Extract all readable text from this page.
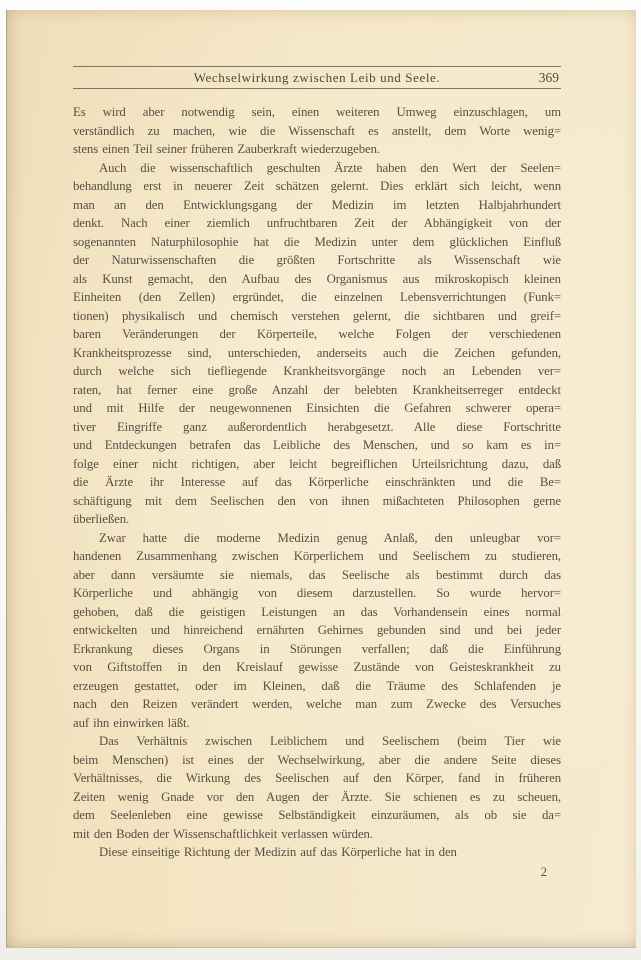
Wechselwirkung zwischen Leib und Seele.	369
Es wird aber notwendig sein, einen weiteren Umweg einzuschlagen, um
verständlich zu machen, wie die Wissenschaft es anstellt, dem Worte wenig=
stens einen Teil seiner früheren Zauberkraft wiederzugeben.
Auch die wissenschaftlich geschulten Ärzte haben den Wert der Seelen=
behandlung erst in neuerer Zeit schätzen gelernt. Dies erklärt sich leicht, wenn
man an den Entwicklungsgang der Medizin im letzten Halbjahrhundert
denkt. Nach einer ziemlich unfruchtbaren Zeit der Abhängigkeit von der
sogenannten Naturphilosophie hat die Medizin unter dem glücklichen Einfluß
der Naturwissenschaften die größten Fortschritte als Wissenschaft wie
als Kunst gemacht, den Aufbau des Organismus aus mikroskopisch kleinen
Einheiten (den Zellen) ergründet, die einzelnen Lebensverrichtungen (Funk=
tionen) physikalisch und chemisch verstehen gelernt, die sichtbaren und greif=
baren Veränderungen der Körperteile, welche Folgen der verschiedenen
Krankheitsprozesse sind, unterschieden, anderseits auch die Zeichen gefunden,
durch welche sich tiefliegende Krankheitsvorgänge noch an Lebenden ver=
raten, hat ferner eine große Anzahl der belebten Krankheitserreger entdeckt
und mit Hilfe der neugewonnenen Einsichten die Gefahren schwerer opera=
tiver Eingriffe ganz außerordentlich herabgesetzt. Alle diese Fortschritte
und Entdeckungen betrafen das Leibliche des Menschen, und so kam es in=
folge einer nicht richtigen, aber leicht begreiflichen Urteilsrichtung dazu, daß
die Ärzte ihr Interesse auf das Körperliche einschränkten und die Be=
schäftigung mit dem Seelischen den von ihnen mißachteten Philosophen gerne
überließen.
Zwar hatte die moderne Medizin genug Anlaß, den unleugbar vor=
handenen Zusammenhang zwischen Körperlichem und Seelischem zu studieren,
aber dann versäumte sie niemals, das Seelische als bestimmt durch das
Körperliche und abhängig von diesem darzustellen. So wurde hervor=
gehoben, daß die geistigen Leistungen an das Vorhandensein eines normal
entwickelten und hinreichend ernährten Gehirnes gebunden sind und bei jeder
Erkrankung dieses Organs in Störungen verfallen; daß die Einführung
von Giftstoffen in den Kreislauf gewisse Zustände von Geisteskrankheit zu
erzeugen gestattet, oder im Kleinen, daß die Träume des Schlafenden je
nach den Reizen verändert werden, welche man zum Zwecke des Versuches
auf ihn einwirken läßt.
Das Verhältnis zwischen Leiblichem und Seelischem (beim Tier wie
beim Menschen) ist eines der Wechselwirkung, aber die andere Seite dieses
Verhältnisses, die Wirkung des Seelischen auf den Körper, fand in früheren
Zeiten wenig Gnade vor den Augen der Ärzte. Sie schienen es zu scheuen,
dem Seelenleben eine gewisse Selbständigkeit einzuräumen, als ob sie da=
mit den Boden der Wissenschaftlichkeit verlassen würden.
Diese einseitige Richtung der Medizin auf das Körperliche hat in den
2
